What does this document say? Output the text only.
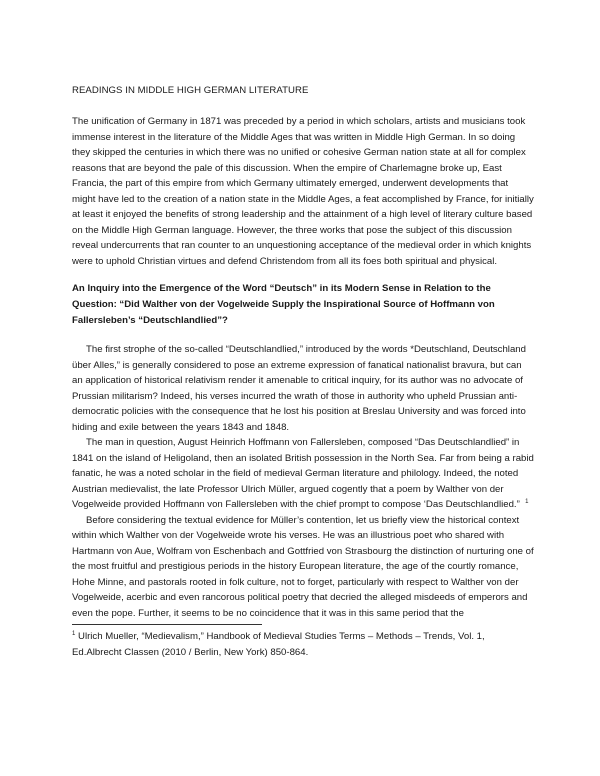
READINGS IN MIDDLE HIGH GERMAN LITERATURE

The unification of Germany in 1871 was preceded by a period in which scholars, artists and musicians took immense interest in the literature of the Middle Ages that was written in Middle High German. In so doing they skipped the centuries in which there was no unified or cohesive German nation state at all for complex reasons that are beyond the pale of this discussion. When the empire of Charlemagne broke up, East Francia, the part of this empire from which Germany ultimately emerged, underwent developments that might have led to the creation of a nation state in the Middle Ages, a feat accomplished by France, for initially at least it enjoyed the benefits of strong leadership and the attainment of a high level of literary culture based on the Middle High German language. However, the three works that pose the subject of this discussion reveal undercurrents that ran counter to an unquestioning acceptance of the medieval order in which knights were to uphold Christian virtues and defend Christendom from all its foes both spiritual and physical.

An Inquiry into the Emergence of the Word “Deutsch” in its Modern Sense in Relation to the Question: “Did Walther von der Vogelweide Supply the Inspirational Source of Hoffmann von Fallersleben’s “Deutschlandlied”?

The first strophe of the so-called “Deutschlandlied,” introduced by the words *Deutschland, Deutschland über Alles,” is generally considered to pose an extreme expression of fanatical nationalist bravura, but can an application of historical relativism render it amenable to critical inquiry, for its author was no advocate of Prussian militarism? Indeed, his verses incurred the wrath of those in authority who upheld Prussian anti-democratic policies with the consequence that he lost his position at Breslau University and was forced into hiding and exile between the years 1843 and 1848.

The man in question, August Heinrich Hoffmann von Fallersleben, composed “Das Deutschlandlied” in 1841 on the island of Heligoland, then an isolated British possession in the North Sea. Far from being a rabid fanatic, he was a noted scholar in the field of medieval German literature and philology. Indeed, the noted Austrian medievalist, the late Professor Ulrich Müller, argued cogently that a poem by Walther von der Vogelweide provided Hoffmann von Fallersleben with the chief prompt to compose ‘Das Deutschlandlied.” $^1$

Before considering the textual evidence for Müller’s contention, let us briefly view the historical context within which Walther von der Vogelweide wrote his verses. He was an illustrious poet who shared with Hartmann von Aue, Wolfram von Eschenbach and Gottfried von Strasbourg the distinction of nurturing one of the most fruitful and prestigious periods in the history European literature, the age of the courtly romance, Hohe Minne, and pastorals rooted in folk culture, not to forget, particularly with respect to Walther von der Vogelweide, acerbic and even rancorous political poetry that decried the alleged misdeeds of emperors and even the pope. Further, it seems to be no coincidence that it was in this same period that the

$^1$ Ulrich Mueller, “Medievalism,” Handbook of Medieval Studies Terms – Methods – Trends, Vol. 1, Ed.Albrecht Classen (2010 / Berlin, New York) 850-864.
